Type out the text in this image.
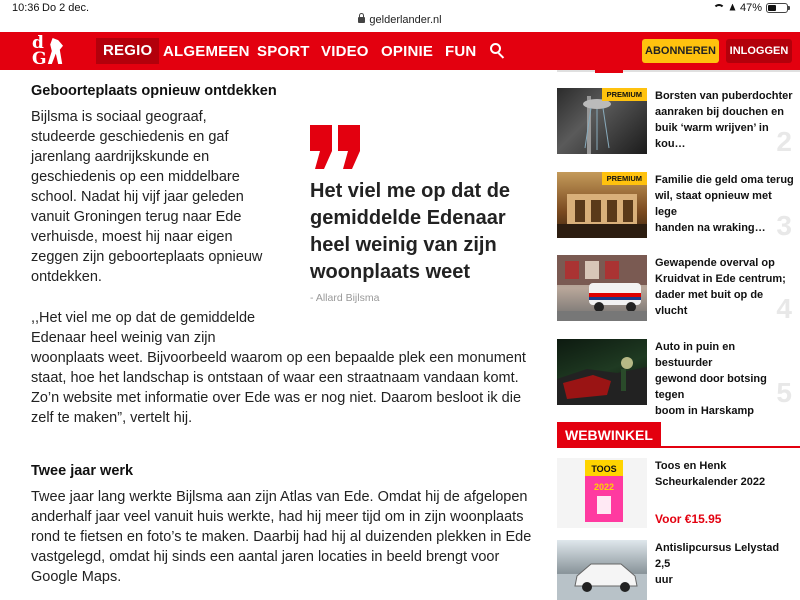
10:36 Do 2 dec.
gelderlander.nl
47%
d
G	REGIO ALGEMEEN SPORT VIDEO OPINIE FUN	ABONNEREN	INLOGGEN
Geboorteplaats opnieuw ontdekken
Bijlsma is sociaal geograaf,
studeerde geschiedenis en gaf
jarenlang aardrijkskunde en
geschiedenis op een middelbare
school. Nadat hij vijf jaar geleden
vanuit Groningen terug naar Ede
verhuisde, moest hij naar eigen
zeggen zijn geboorteplaats opnieuw
ontdekken.
Het viel me op dat de
gemiddelde Edenaar
heel weinig van zijn
woonplaats weet
- Allard Bijlsma
,,Het viel me op dat de gemiddelde
Edenaar heel weinig van zijn
woonplaats weet. Bijvoorbeeld waarom op een bepaalde plek een monument
staat, hoe het landschap is ontstaan of waar een straatnaam vandaan komt.
Zo’n website met informatie over Ede was er nog niet. Daarom besloot ik die
zelf te maken”, vertelt hij.
Twee jaar werk
Twee jaar lang werkte Bijlsma aan zijn Atlas van Ede. Omdat hij de afgelopen
anderhalf jaar veel vanuit huis werkte, had hij meer tijd om in zijn woonplaats
rond te fietsen en foto’s te maken. Daarbij had hij al duizenden plekken in Ede
vastgelegd, omdat hij sinds een aantal jaren locaties in beeld brengt voor
Google Maps.
PREMIUM	Borsten van puberdochter
aanraken bij douchen en
buik ‘warm wrijven’ in kou…	2
PREMIUM	Familie die geld oma terug
wil, staat opnieuw met lege
handen na wraking… 3
Gewapende overval op
Kruidvat in Ede centrum;
dader met buit op de vlucht	4
Auto in puin en bestuurder
gewond door botsing tegen
boom in Harskamp
5
WEBWINKEL
TOOS
2022
Toos en Henk
Scheurkalender 2022
Voor €15.95
Antislipcursus Lelystad 2,5
uur
